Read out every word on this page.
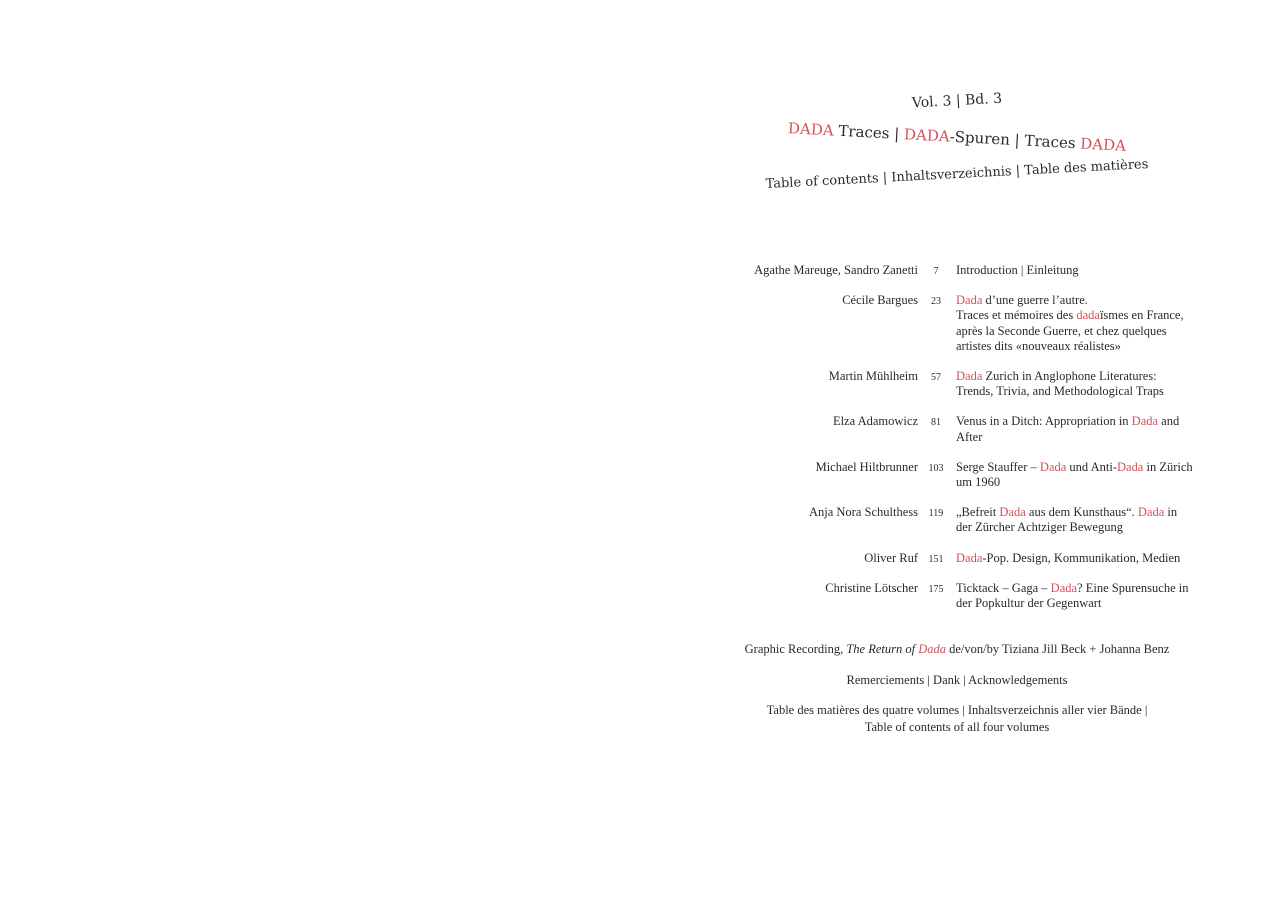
Vol. 3 | Bd. 3
DADA Traces | DADA-Spuren | Traces DADA
Table of contents | Inhaltsverzeichnis | Table des matières
Agathe Mareuge, Sandro Zanetti	7	Introduction | Einleitung
Cécile Bargues	23	Dada d’une guerre l’autre.
Traces et mémoires des dadaïsmes en France, après la Seconde Guerre, et chez quelques artistes dits «nouveaux réalistes»
Martin Mühlheim	57	Dada Zurich in Anglophone Literatures: Trends, Trivia, and Methodological Traps
Elza Adamowicz	81	Venus in a Ditch: Appropriation in Dada and After
Michael Hiltbrunner	103 Serge Stauffer – Dada und Anti-Dada in Zürich um 1960
Anja Nora Schulthess	119 „Befreit Dada aus dem Kunsthaus“. Dada in der Zürcher Achtziger Bewegung
Oliver Ruf	151 Dada-Pop. Design, Kommunikation, Medien
Christine Lötscher	175 Ticktack – Gaga – Dada? Eine Spurensuche in der Popkultur der Gegenwart
Graphic Recording, The Return of Dada de/von/by Tiziana Jill Beck + Johanna Benz
Remerciements | Dank | Acknowledgements
Table des matières des quatre volumes | Inhaltsverzeichnis aller vier Bände |
Table of contents of all four volumes
